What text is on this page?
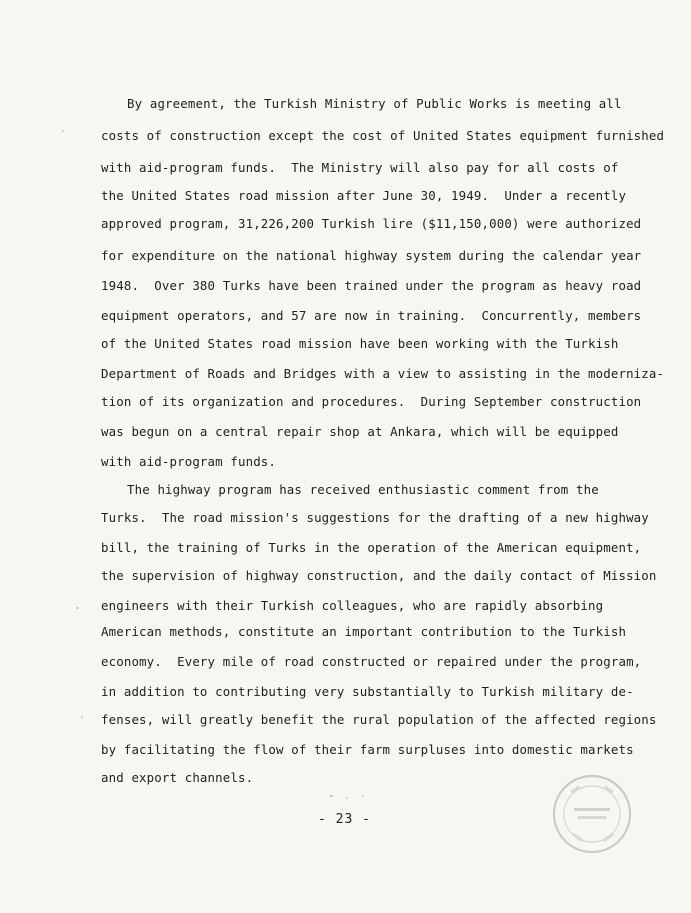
By agreement, the Turkish Ministry of Public Works is meeting all
costs of construction except the cost of United States equipment furnished
with aid-program funds.  The Ministry will also pay for all costs of
the United States road mission after June 30, 1949.  Under a recently
approved program, 31,226,200 Turkish lire ($11,150,000) were authorized
for expenditure on the national highway system during the calendar year
1948.  Over 380 Turks have been trained under the program as heavy road
equipment operators, and 57 are now in training.  Concurrently, members
of the United States road mission have been working with the Turkish
Department of Roads and Bridges with a view to assisting in the moderniza-
tion of its organization and procedures.  During September construction
was begun on a central repair shop at Ankara, which will be equipped
with aid-program funds.
The highway program has received enthusiastic comment from the
Turks.  The road mission's suggestions for the drafting of a new highway
bill, the training of Turks in the operation of the American equipment,
the supervision of highway construction, and the daily contact of Mission
engineers with their Turkish colleagues, who are rapidly absorbing
American methods, constitute an important contribution to the Turkish
economy.  Every mile of road constructed or repaired under the program,
in addition to contributing very substantially to Turkish military de-
fenses, will greatly benefit the rural population of the affected regions
by facilitating the flow of their farm surpluses into domestic markets
and export channels.
- 23 -
